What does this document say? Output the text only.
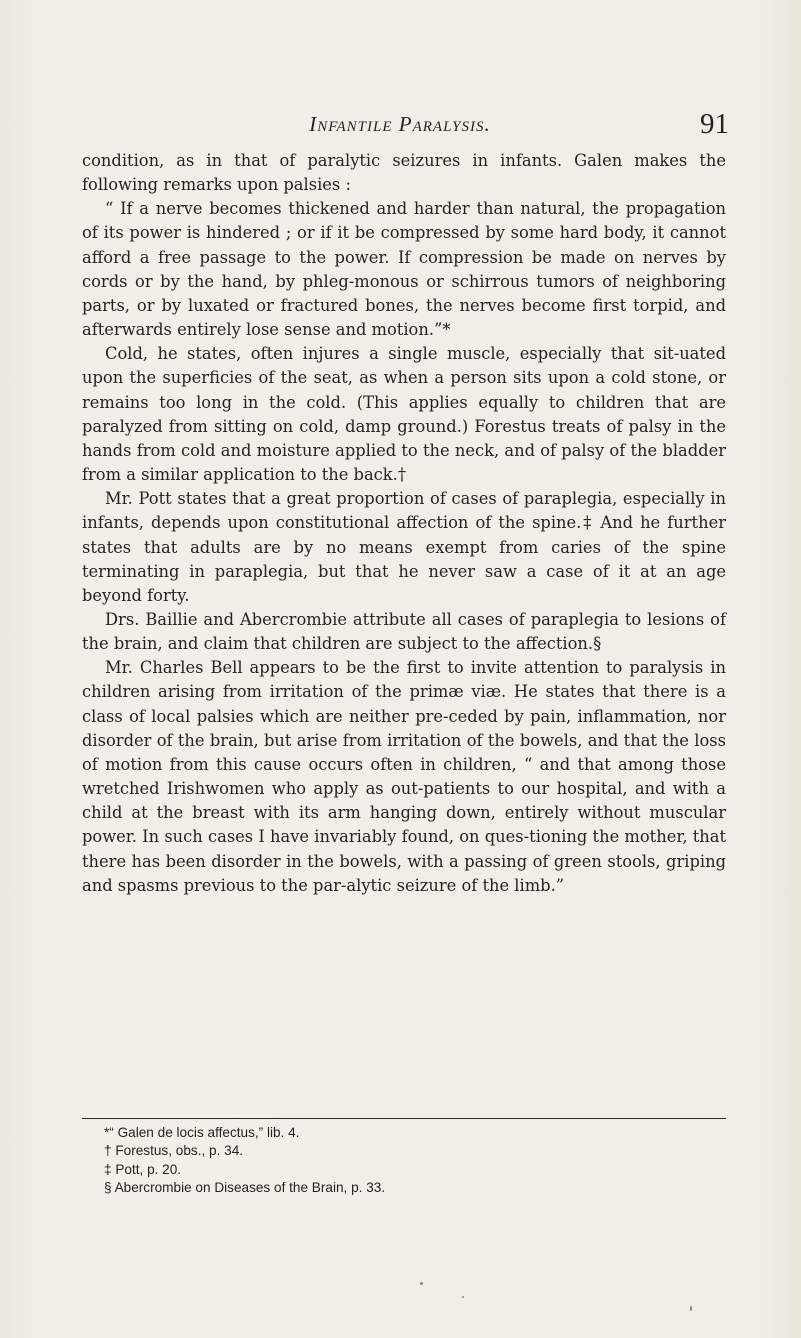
Infantile Paralysis.	91

condition, as in that of paralytic seizures in infants. Galen makes the following remarks upon palsies :

“ If a nerve becomes thickened and harder than natural, the propagation of its power is hindered ; or if it be compressed by some hard body, it cannot afford a free passage to the power. If compression be made on nerves by cords or by the hand, by phleg-monous or schirrous tumors of neighboring parts, or by luxated or fractured bones, the nerves become first torpid, and afterwards entirely lose sense and motion.”*

Cold, he states, often injures a single muscle, especially that sit-uated upon the superficies of the seat, as when a person sits upon a cold stone, or remains too long in the cold. (This applies equally to children that are paralyzed from sitting on cold, damp ground.) Forestus treats of palsy in the hands from cold and moisture applied to the neck, and of palsy of the bladder from a similar application to the back.†

Mr. Pott states that a great proportion of cases of paraplegia, especially in infants, depends upon constitutional affection of the spine.‡ And he further states that adults are by no means exempt from caries of the spine terminating in paraplegia, but that he never saw a case of it at an age beyond forty.

Drs. Baillie and Abercrombie attribute all cases of paraplegia to lesions of the brain, and claim that children are subject to the affection.§

Mr. Charles Bell appears to be the first to invite attention to paralysis in children arising from irritation of the primæ viæ. He states that there is a class of local palsies which are neither pre-ceded by pain, inflammation, nor disorder of the brain, but arise from irritation of the bowels, and that the loss of motion from this cause occurs often in children, “ and that among those wretched Irishwomen who apply as out-patients to our hospital, and with a child at the breast with its arm hanging down, entirely without muscular power. In such cases I have invariably found, on ques-tioning the mother, that there has been disorder in the bowels, with a passing of green stools, griping and spasms previous to the par-alytic seizure of the limb.”

*“ Galen de locis affectus,” lib. 4.
† Forestus, obs., p. 34.
‡ Pott, p. 20.
§ Abercrombie on Diseases of the Brain, p. 33.
